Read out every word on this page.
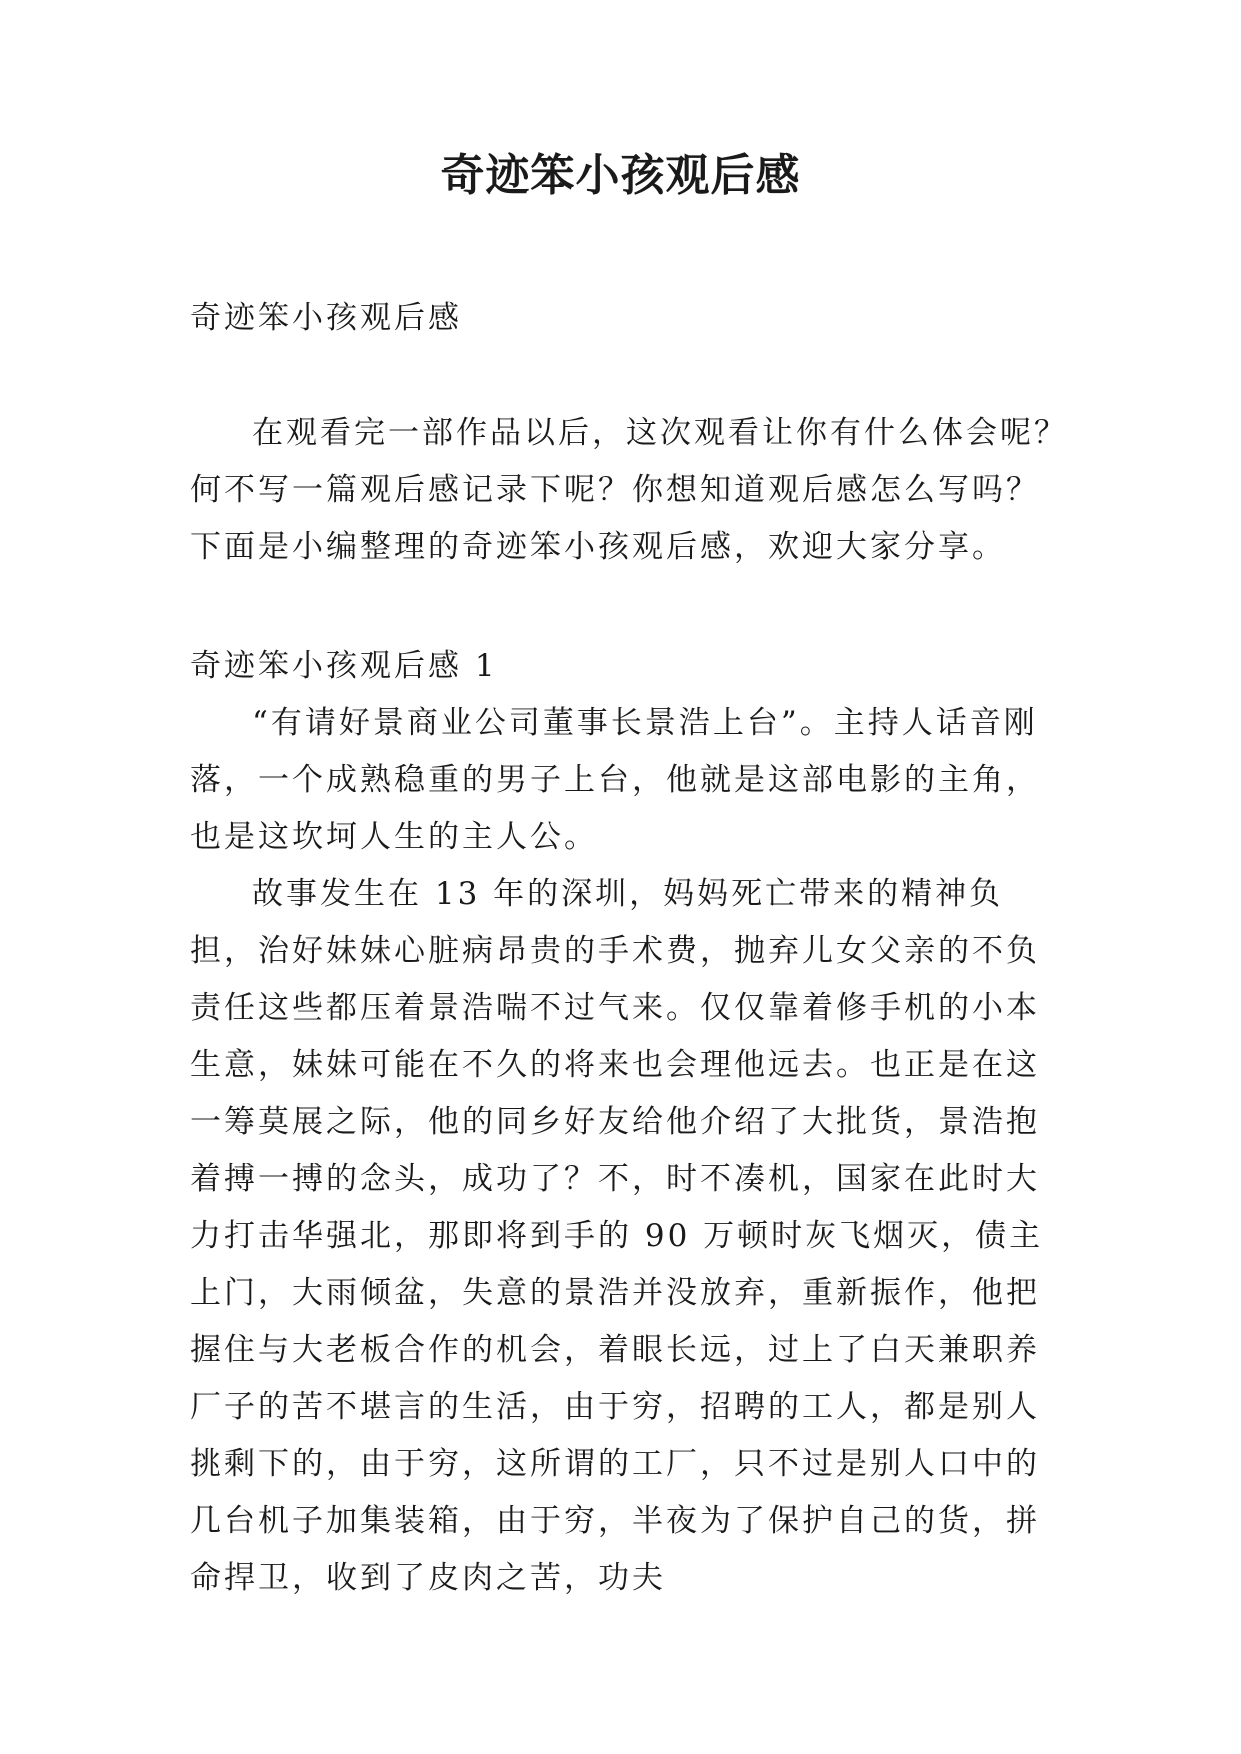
奇迹笨小孩观后感

奇迹笨小孩观后感

在观看完一部作品以后，这次观看让你有什么体会呢？何不写一篇观后感记录下呢？你想知道观后感怎么写吗？下面是小编整理的奇迹笨小孩观后感，欢迎大家分享。

奇迹笨小孩观后感 1

“有请好景商业公司董事长景浩上台”。主持人话音刚落，一个成熟稳重的男子上台，他就是这部电影的主角，也是这坎坷人生的主人公。

故事发生在 13 年的深圳，妈妈死亡带来的精神负担，治好妹妹心脏病昂贵的手术费，抛弃儿女父亲的不负责任这些都压着景浩喘不过气来。仅仅靠着修手机的小本生意，妹妹可能在不久的将来也会理他远去。也正是在这一筹莫展之际，他的同乡好友给他介绍了大批货，景浩抱着搏一搏的念头，成功了？不，时不凑机，国家在此时大力打击华强北，那即将到手的 90 万顿时灰飞烟灭，债主上门，大雨倾盆，失意的景浩并没放弃，重新振作，他把握住与大老板合作的机会，着眼长远，过上了白天兼职养厂子的苦不堪言的生活，由于穷，招聘的工人，都是别人挑剩下的，由于穷，这所谓的工厂，只不过是别人口中的几台机子加集装箱，由于穷，半夜为了保护自己的货，拼命捍卫，收到了皮肉之苦，功夫
